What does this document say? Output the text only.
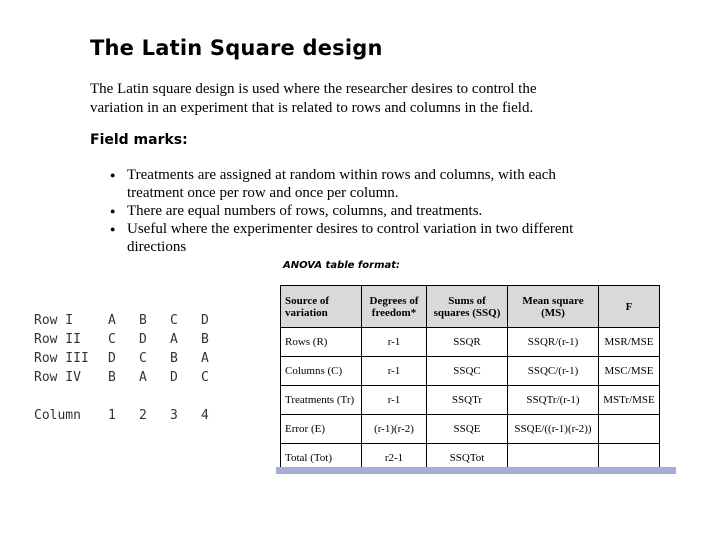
The Latin Square design
The Latin square design is used where the researcher desires to control the variation in an experiment that is related to rows and columns in the field.
Field marks:
● Treatments are assigned at random within rows and columns, with each treatment once per row and once per column.
● There are equal numbers of rows, columns, and treatments.
● Useful where the experimenter desires to control variation in two different directions
ANOVA table format:
Row I	A	B	C	D
Row II	C	D	A	B
Row III	D	C	B	A
Row IV	B	A	D	C

Column	1	2	3	4
Source of variation	Degrees of freedom*	Sums of squares (SSQ)	Mean square (MS)	F
Rows (R)	r-1	SSQR	SSQR/(r-1)	MSR/MSE
Columns (C)	r-1	SSQC	SSQC/(r-1)	MSC/MSE
Treatments (Tr)	r-1	SSQTr	SSQTr/(r-1)	MSTr/MSE
Error (E)	(r-1)(r-2)	SSQE	SSQE/((r-1)(r-2))	
Total (Tot)	r2-1	SSQTot		
